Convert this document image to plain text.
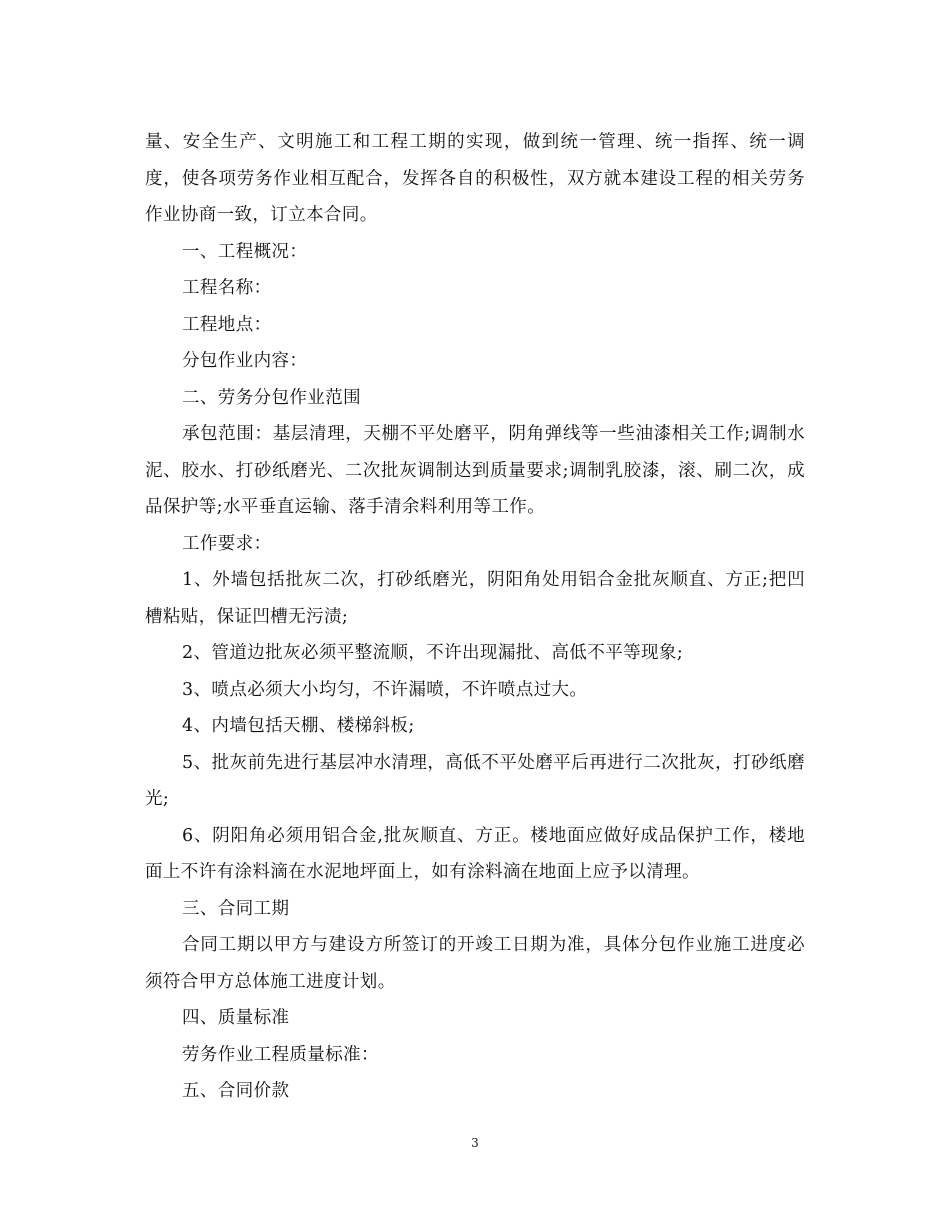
量、安全生产、文明施工和工程工期的实现，做到统一管理、统一指挥、统一调度，使各项劳务作业相互配合，发挥各自的积极性，双方就本建设工程的相关劳务作业协商一致，订立本合同。

一、工程概况：

工程名称：

工程地点：

分包作业内容：

二、劳务分包作业范围

承包范围：基层清理，天棚不平处磨平，阴角弹线等一些油漆相关工作;调制水泥、胶水、打砂纸磨光、二次批灰调制达到质量要求;调制乳胶漆，滚、刷二次，成品保护等;水平垂直运输、落手清余料利用等工作。

工作要求：

1、外墙包括批灰二次，打砂纸磨光，阴阳角处用铝合金批灰顺直、方正;把凹槽粘贴，保证凹槽无污渍;

2、管道边批灰必须平整流顺，不许出现漏批、高低不平等现象;

3、喷点必须大小均匀，不许漏喷，不许喷点过大。

4、内墙包括天棚、楼梯斜板;

5、批灰前先进行基层冲水清理，高低不平处磨平后再进行二次批灰，打砂纸磨光;

6、阴阳角必须用铝合金,批灰顺直、方正。楼地面应做好成品保护工作，楼地面上不许有涂料滴在水泥地坪面上，如有涂料滴在地面上应予以清理。

三、合同工期

合同工期以甲方与建设方所签订的开竣工日期为准，具体分包作业施工进度必须符合甲方总体施工进度计划。

四、质量标准

劳务作业工程质量标准：

五、合同价款

3
